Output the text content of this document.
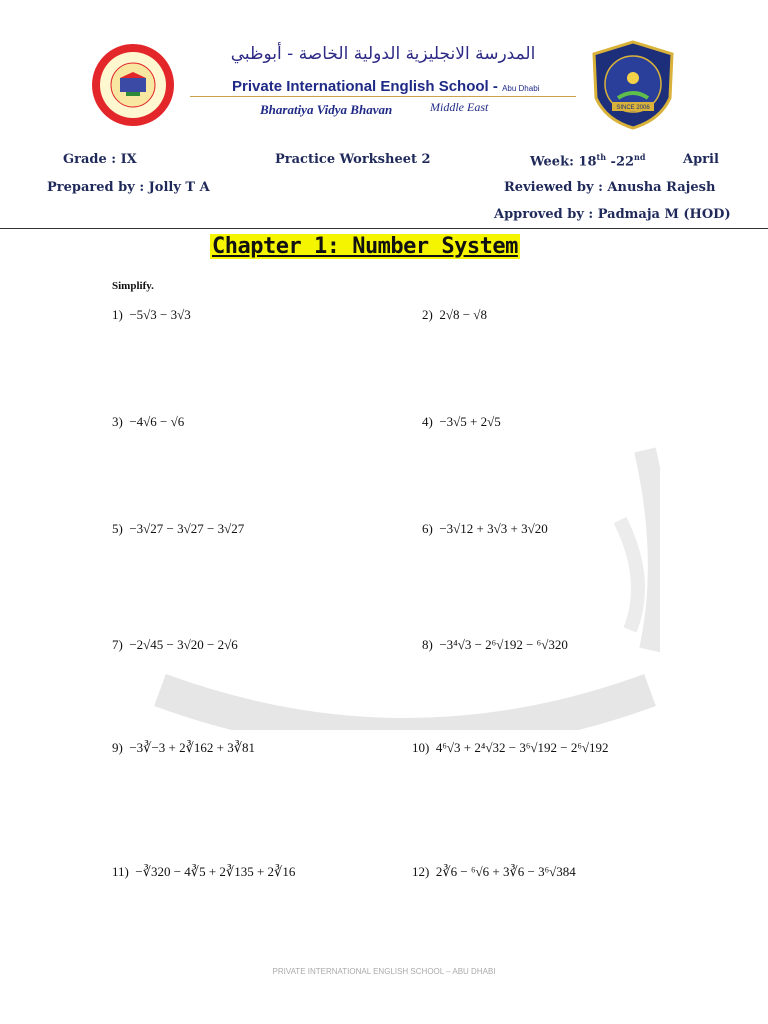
المدرسة الانجليزية الدولية الخاصة - أبوظبي
Private International English School - Abu Dhabi
Bharatiya Vidya Bhavan	Middle East	SINCE 2006
Grade : IX	Practice Worksheet 2	Week: 18th -22nd	April
Prepared by : Jolly T A	Reviewed by : Anusha Rajesh
Approved by : Padmaja M (HOD)
Chapter 1: Number System
Simplify.
1) −5√3 − 3√3	2) 2√8 − √8
3) −4√6 − √6	4) −3√5 + 2√5
5) −3√27 − 3√27 − 3√27	6) −3√12 + 3√3 + 3√20
7) −2√45 − 3√20 − 2√6	8) −3⁴√3 − 2⁶√192 − ⁶√320
9) −3∛−3 + 2∛162 + 3∛81	10) 4⁶√3 + 2⁴√32 − 3⁶√192 − 2⁶√192
11) −∛320 − 4∛5 + 2∛135 + 2∛16	12) 2∛6 − ⁶√6 + 3∛6 − 3⁶√384
PRIVATE INTERNATIONAL ENGLISH SCHOOL – ABU DHABI
